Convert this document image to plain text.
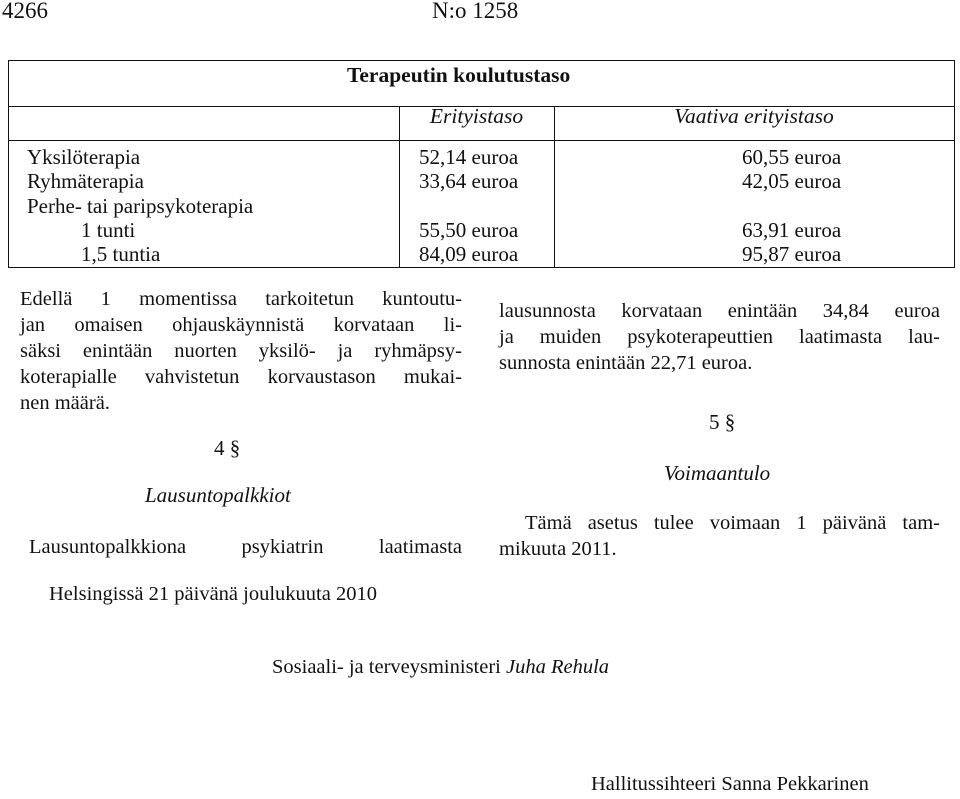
4266	N:o 1258
Terapeutin koulutustaso
Erityistaso	Vaativa erityistaso
Yksilöterapia
Ryhmäterapia
Perhe- tai paripsykoterapia
1 tunti
1,5 tuntia
52,14 euroa
33,64 euroa
55,50 euroa
84,09 euroa
60,55 euroa
42,05 euroa
63,91 euroa
95,87 euroa
Edellä 1 momentissa tarkoitetun kuntoutu-
jan omaisen ohjauskäynnistä korvataan li-
säksi enintään nuorten yksilö- ja ryhmäpsy-
koterapialle vahvistetun korvaustason mukai-
nen määrä.
4 §
Lausuntopalkkiot
Lausuntopalkkiona psykiatrin laatimasta
lausunnosta korvataan enintään 34,84 euroa
ja muiden psykoterapeuttien laatimasta lau-
sunnosta enintään 22,71 euroa.
5 §
Voimaantulo
Tämä asetus tulee voimaan 1 päivänä tam-
mikuuta 2011.
Helsingissä 21 päivänä joulukuuta 2010
Sosiaali- ja terveysministeri Juha Rehula
Hallitussihteeri Sanna Pekkarinen
